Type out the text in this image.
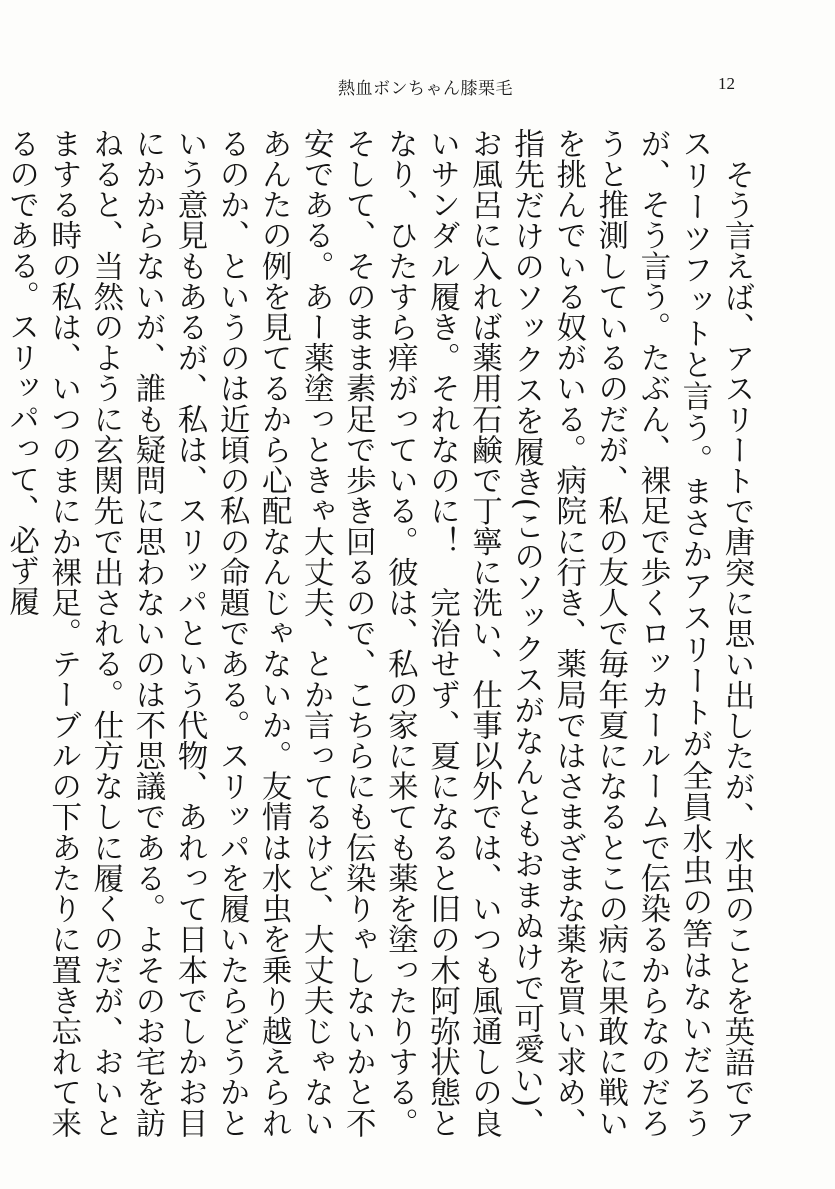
熱血ボンちゃん膝栗毛	12

そう言えば、アスリートで唐突に思い出したが、水虫のことを英語でアスリーツフットと言う。まさかアスリートが全員水虫の筈はないだろうが、そう言う。たぶん、裸足で歩くロッカールームで伝染るからなのだろうと推測しているのだが、私の友人で毎年夏になるとこの病に果敢に戦いを挑んでいる奴がいる。病院に行き、薬局ではさまざまな薬を買い求め、指先だけのソックスを履き(このソックスがなんともおまぬけで可愛い)、お風呂に入れば薬用石鹸で丁寧に洗い、仕事以外では、いつも風通しの良いサンダル履き。それなのに！　完治せず、夏になると旧の木阿弥状態となり、ひたすら痒がっている。彼は、私の家に来ても薬を塗ったりする。そして、そのまま素足で歩き回るので、こちらにも伝染りゃしないかと不安である。あー薬塗っときゃ大丈夫、とか言ってるけど、大丈夫じゃないあんたの例を見てるから心配なんじゃないか。友情は水虫を乗り越えられるのか、というのは近頃の私の命題である。スリッパを履いたらどうかという意見もあるが、私は、スリッパという代物、あれって日本でしかお目にかからないが、誰も疑問に思わないのは不思議である。よそのお宅を訪ねると、当然のように玄関先で出される。仕方なしに履くのだが、おいとまする時の私は、いつのまにか裸足。テーブルの下あたりに置き忘れて来るのである。スリッパって、必ず履
